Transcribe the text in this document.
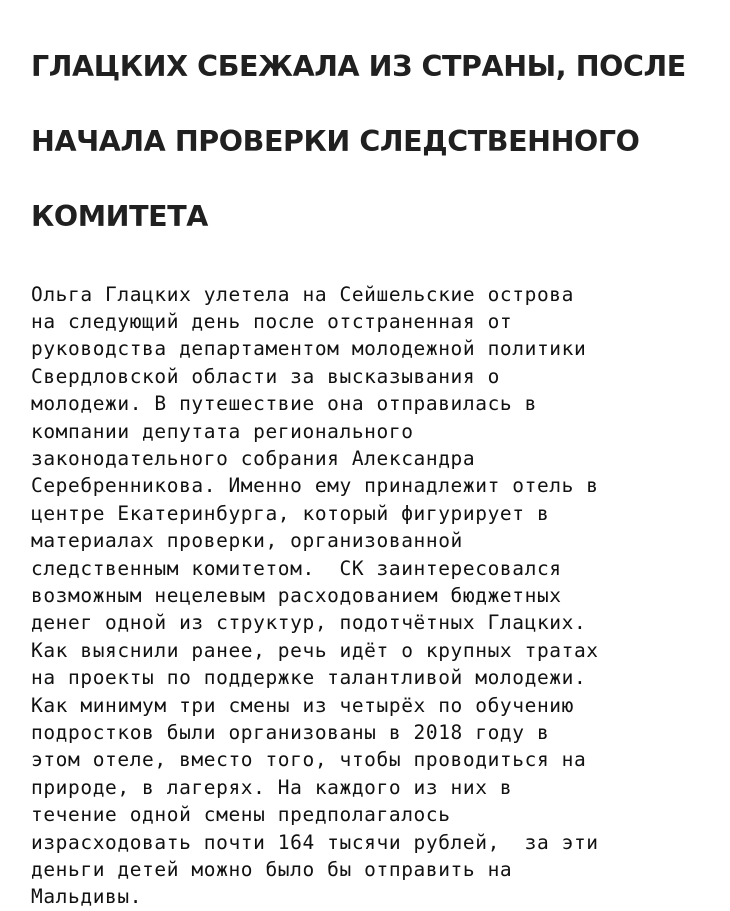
ГЛАЦКИХ СБЕЖАЛА ИЗ СТРАНЫ, ПОСЛЕ

НАЧАЛА ПРОВЕРКИ СЛЕДСТВЕННОГО

КОМИТЕТА

Ольга Глацких улетела на Сейшельские острова
на следующий день после отстраненная от
руководства департаментом молодежной политики
Свердловской области за высказывания о
молодежи. В путешествие она отправилась в
компании депутата регионального
законодательного собрания Александра
Серебренникова. Именно ему принадлежит отель в
центре Екатеринбурга, который фигурирует в
материалах проверки, организованной
следственным комитетом.  СК заинтересовался
возможным нецелевым расходованием бюджетных
денег одной из структур, подотчётных Глацких.
Как выяснили ранее, речь идёт о крупных тратах
на проекты по поддержке талантливой молодежи.
Как минимум три смены из четырёх по обучению
подростков были организованы в 2018 году в
этом отеле, вместо того, чтобы проводиться на
природе, в лагерях. На каждого из них в
течение одной смены предполагалось
израсходовать почти 164 тысячи рублей,  за эти
деньги детей можно было бы отправить на
Мальдивы.
